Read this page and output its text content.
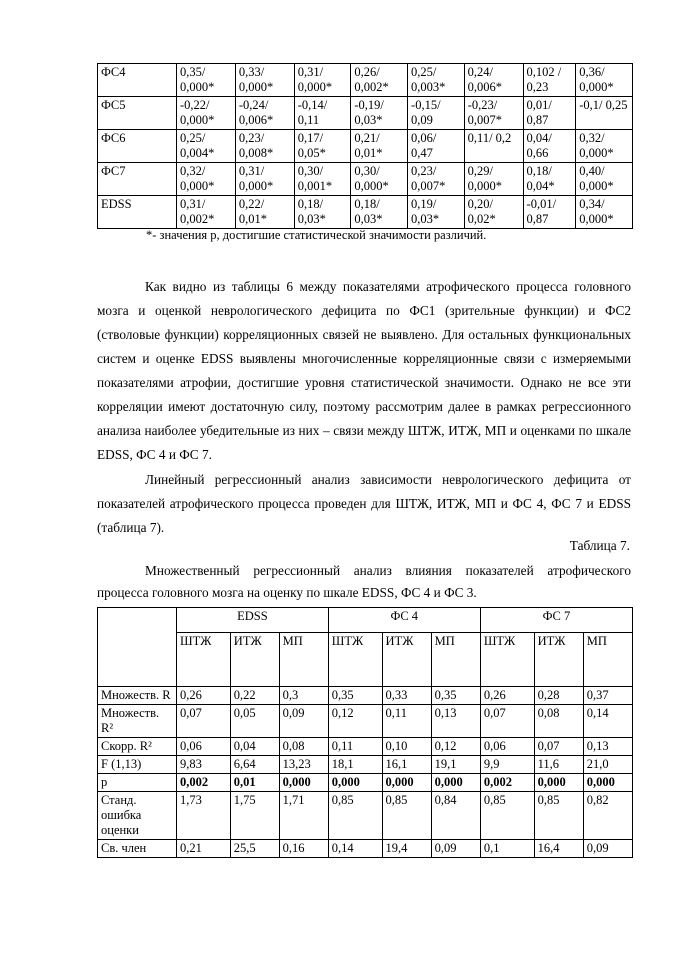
ФС4	0,35/ 0,000*	0,33/ 0,000*	0,31/ 0,000*	0,26/ 0,002*	0,25/ 0,003*	0,24/ 0,006*	0,102 / 0,23	0,36/ 0,000*
ФС5	-0,22/ 0,000*	-0,24/ 0,006*	-0,14/ 0,11	-0,19/ 0,03*	-0,15/ 0,09	-0,23/ 0,007*	0,01/ 0,87	-0,1/ 0,25
ФС6	0,25/ 0,004*	0,23/ 0,008*	0,17/ 0,05*	0,21/ 0,01*	0,06/ 0,47	0,11/ 0,2	0,04/ 0,66	0,32/ 0,000*
ФС7	0,32/ 0,000*	0,31/ 0,000*	0,30/ 0,001*	0,30/ 0,000*	0,23/ 0,007*	0,29/ 0,000*	0,18/ 0,04*	0,40/ 0,000*
EDSS	0,31/ 0,002*	0,22/ 0,01*	0,18/ 0,03*	0,18/ 0,03*	0,19/ 0,03*	0,20/ 0,02*	-0,01/ 0,87	0,34/ 0,000*
*- значения p, достигшие статистической значимости различий.

Как видно из таблицы 6 между показателями атрофического процесса головного мозга и оценкой неврологического дефицита по ФС1 (зрительные функции) и ФС2 (стволовые функции) корреляционных связей не выявлено. Для остальных функциональных систем и оценке EDSS выявлены многочисленные корреляционные связи с измеряемыми показателями атрофии, достигшие уровня статистической значимости. Однако не все эти корреляции имеют достаточную силу, поэтому рассмотрим далее в рамках регрессионного анализа наиболее убедительные из них – связи между ШТЖ, ИТЖ, МП и оценками по шкале EDSS, ФС 4 и ФС 7.

Линейный регрессионный анализ зависимости неврологического дефицита от показателей атрофического процесса проведен для ШТЖ, ИТЖ, МП и ФС 4, ФС 7 и EDSS (таблица 7).

Таблица 7.

Множественный регрессионный анализ влияния показателей атрофического процесса головного мозга на оценку по шкале EDSS, ФС 4 и ФС 3.

	EDSS			ФС 4			ФС 7		
	ШТЖ	ИТЖ	МП	ШТЖ	ИТЖ	МП	ШТЖ	ИТЖ	МП
Множеств. R	0,26	0,22	0,3	0,35	0,33	0,35	0,26	0,28	0,37
Множеств. R²	0,07	0,05	0,09	0,12	0,11	0,13	0,07	0,08	0,14
Скорр. R²	0,06	0,04	0,08	0,11	0,10	0,12	0,06	0,07	0,13
F (1,13)	9,83	6,64	13,23	18,1	16,1	19,1	9,9	11,6	21,0
p	0,002	0,01	0,000	0,000	0,000	0,000	0,002	0,000	0,000
Станд. ошибка оценки	1,73	1,75	1,71	0,85	0,85	0,84	0,85	0,85	0,82
Св. член	0,21	25,5	0,16	0,14	19,4	0,09	0,1	16,4	0,09
